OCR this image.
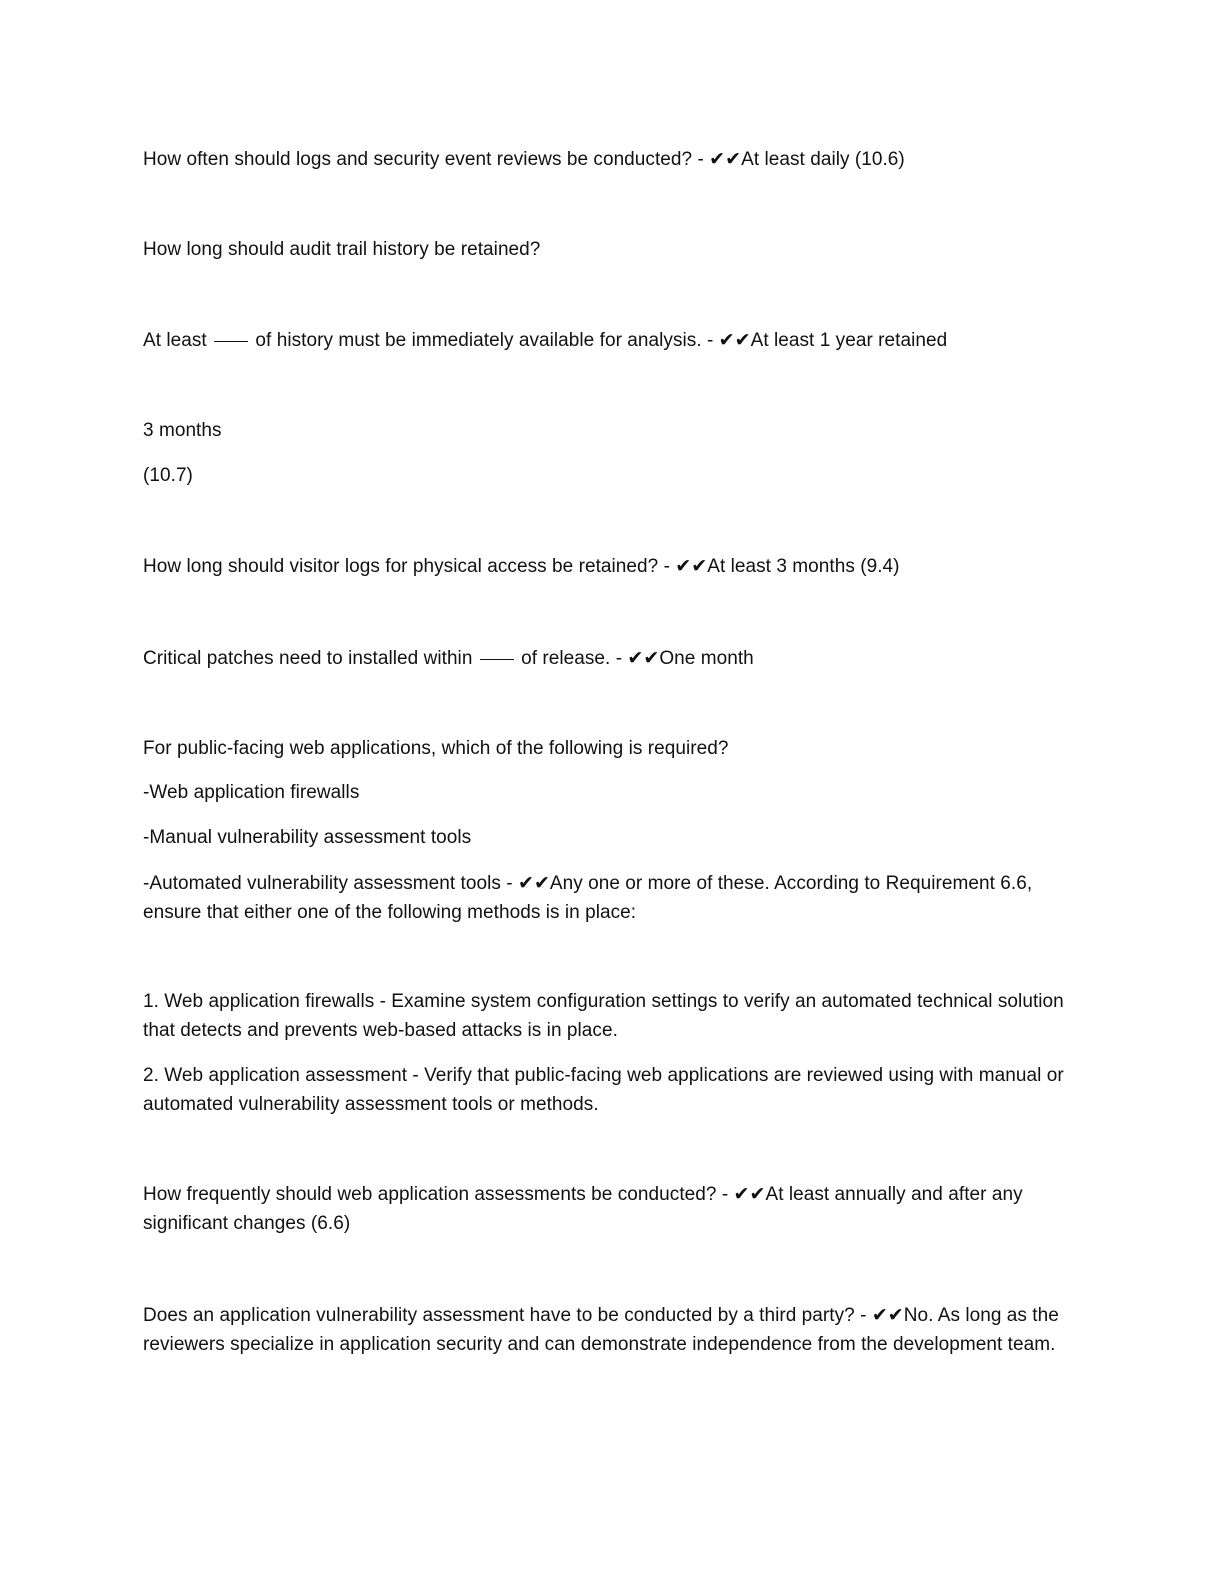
How often should logs and security event reviews be conducted? - ✔✔At least daily (10.6)
How long should audit trail history be retained?
At least  of history must be immediately available for analysis. - ✔✔At least 1 year retained
3 months
(10.7)
How long should visitor logs for physical access be retained? - ✔✔At least 3 months (9.4)
Critical patches need to installed within  of release. - ✔✔One month
For public-facing web applications, which of the following is required?
-Web application firewalls
-Manual vulnerability assessment tools
-Automated vulnerability assessment tools - ✔✔Any one or more of these. According to Requirement 6.6, ensure that either one of the following methods is in place:
1. Web application firewalls - Examine system configuration settings to verify an automated technical solution that detects and prevents web-based attacks is in place.
2. Web application assessment - Verify that public-facing web applications are reviewed using with manual or automated vulnerability assessment tools or methods.
How frequently should web application assessments be conducted? - ✔✔At least annually and after any significant changes (6.6)
Does an application vulnerability assessment have to be conducted by a third party? - ✔✔No. As long as the reviewers specialize in application security and can demonstrate independence from the development team.
